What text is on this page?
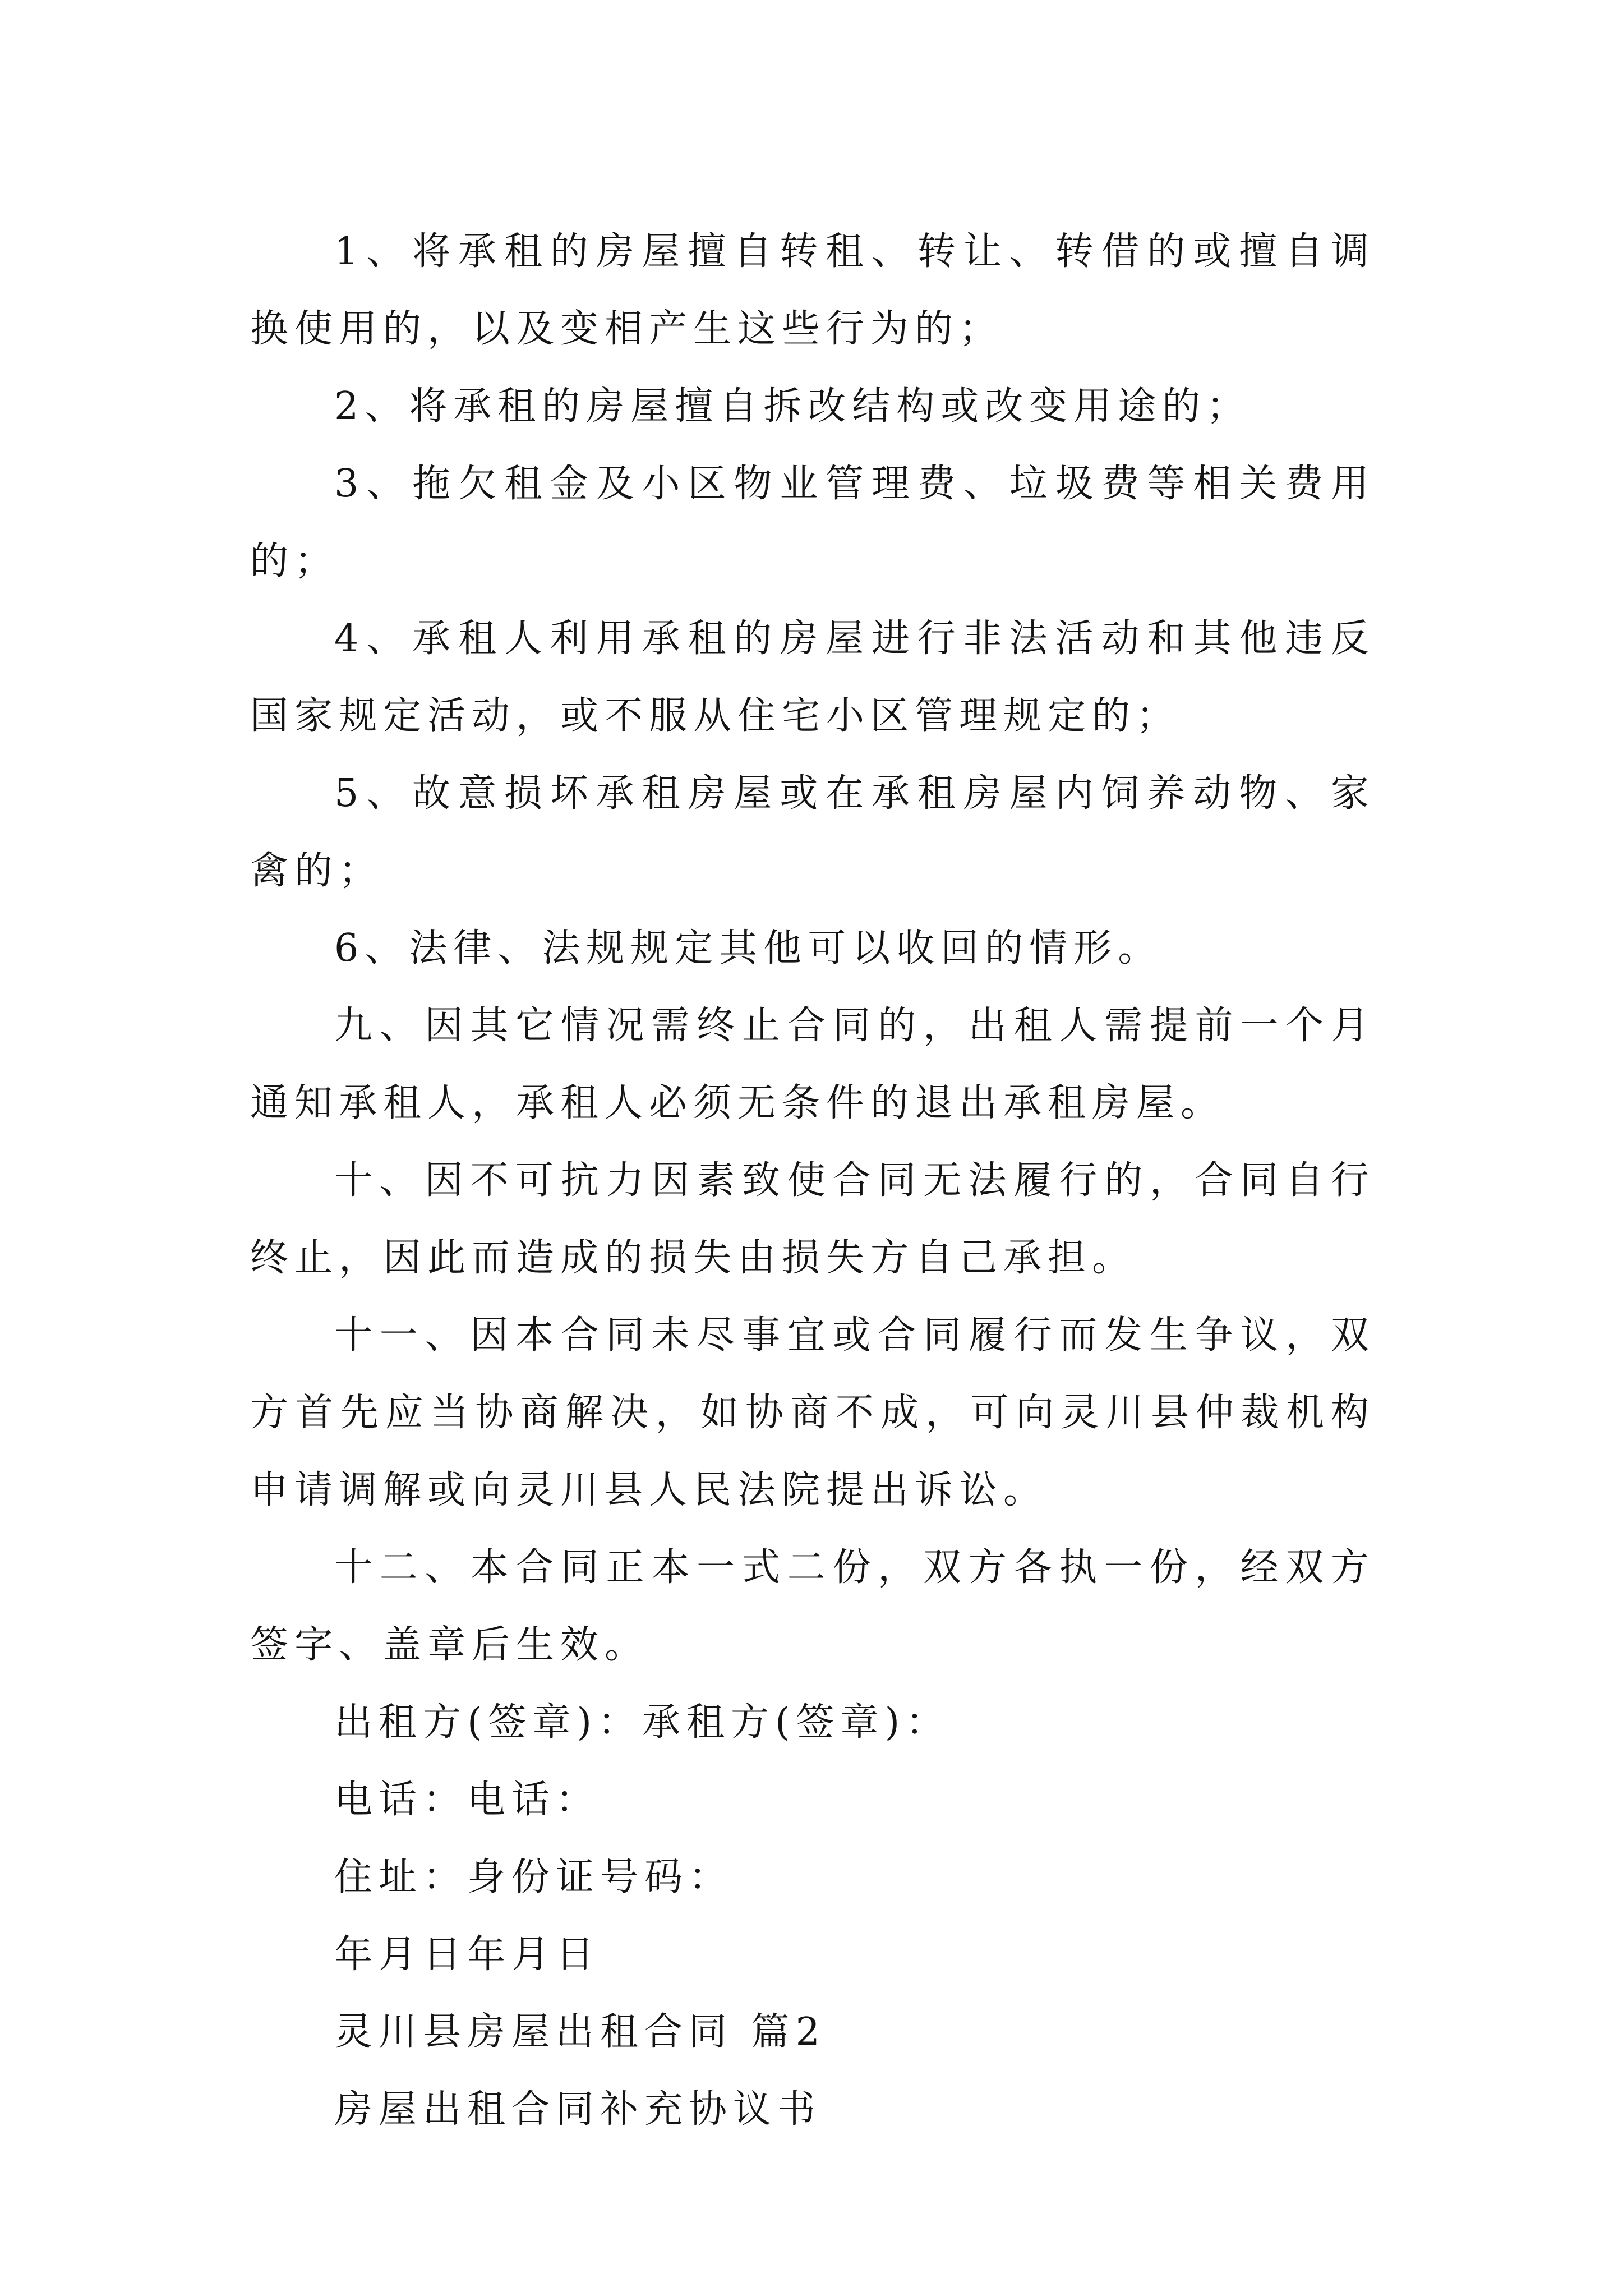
1、将承租的房屋擅自转租、转让、转借的或擅自调换使用的，以及变相产生这些行为的；

2、将承租的房屋擅自拆改结构或改变用途的；

3、拖欠租金及小区物业管理费、垃圾费等相关费用的；

4、承租人利用承租的房屋进行非法活动和其他违反国家规定活动，或不服从住宅小区管理规定的；

5、故意损坏承租房屋或在承租房屋内饲养动物、家禽的；

6、法律、法规规定其他可以收回的情形。

九、因其它情况需终止合同的，出租人需提前一个月通知承租人，承租人必须无条件的退出承租房屋。

十、因不可抗力因素致使合同无法履行的，合同自行终止，因此而造成的损失由损失方自己承担。

十一、因本合同未尽事宜或合同履行而发生争议，双方首先应当协商解决，如协商不成，可向灵川县仲裁机构申请调解或向灵川县人民法院提出诉讼。

十二、本合同正本一式二份，双方各执一份，经双方签字、盖章后生效。

出租方(签章)：承租方(签章)：

电话：电话：

住址：身份证号码：

年月日年月日

灵川县房屋出租合同 篇2

房屋出租合同补充协议书
